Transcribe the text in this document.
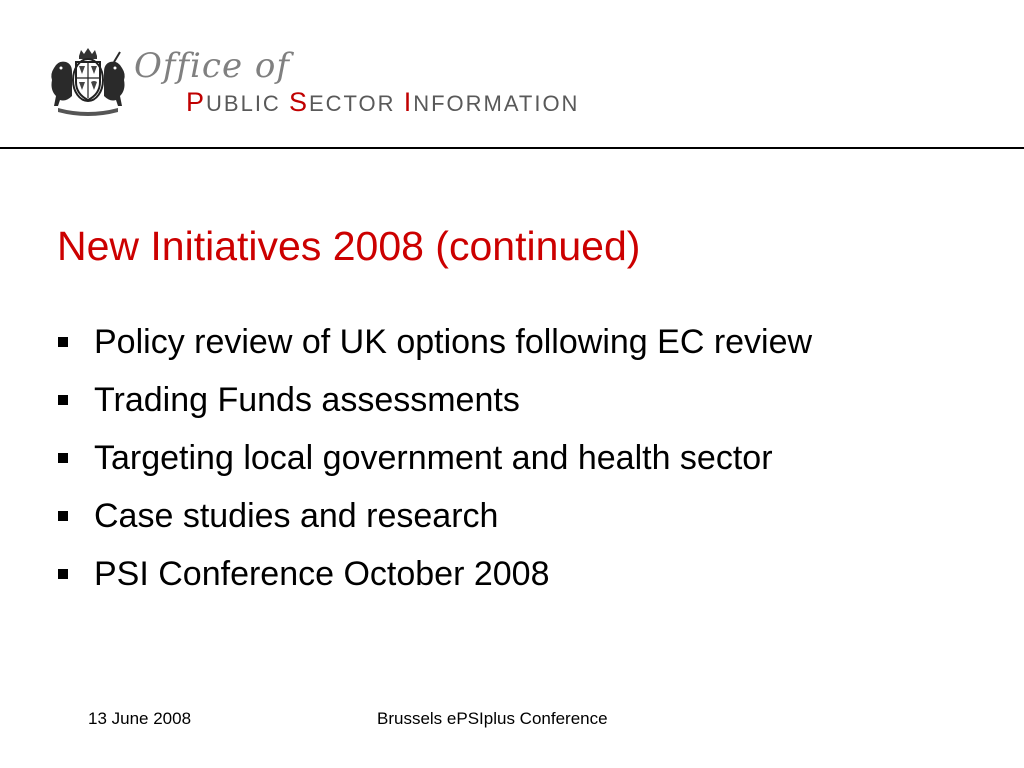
Office of
PUBLIC SECTOR INFORMATION
New Initiatives 2008 (continued)
Policy review of UK options following EC review
Trading Funds assessments
Targeting local government and health sector
Case studies and research
PSI Conference October 2008
13 June 2008	Brussels ePSIplus Conference
